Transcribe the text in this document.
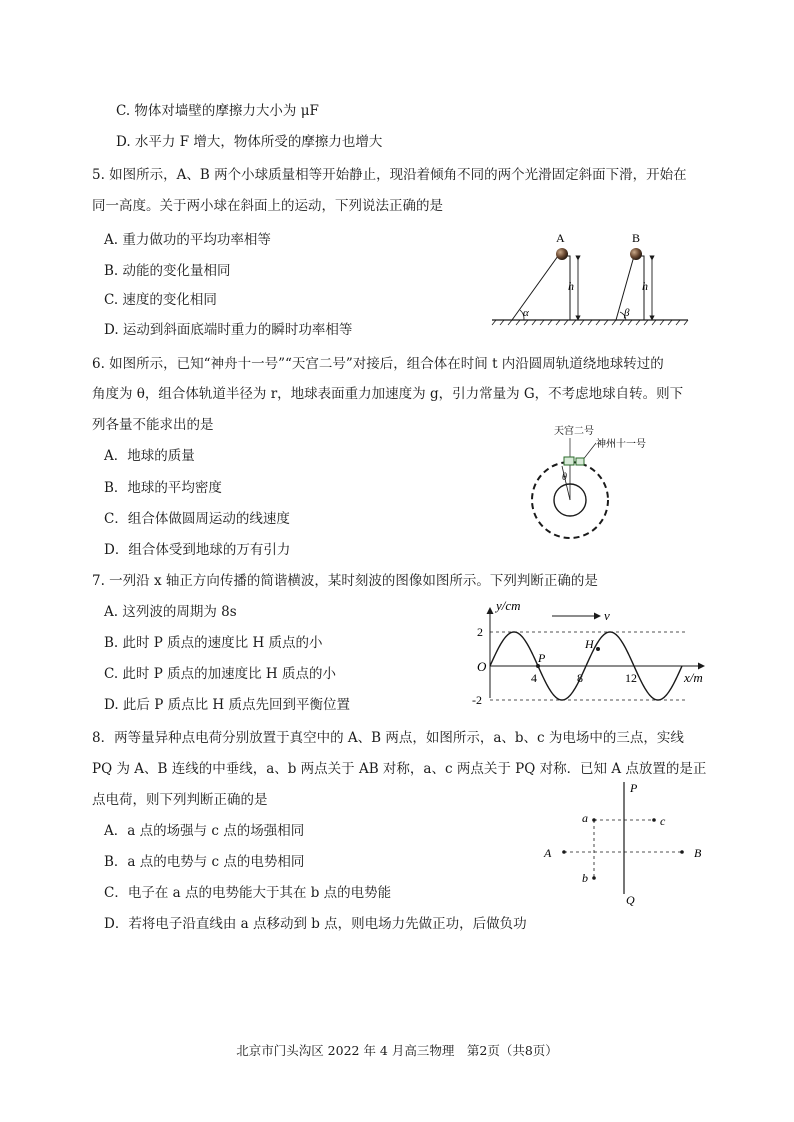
C. 物体对墙壁的摩擦力大小为 μF
D. 水平力 F 增大，物体所受的摩擦力也增大
5. 如图所示，A、B 两个小球质量相等开始静止，现沿着倾角不同的两个光滑固定斜面下滑，开始在
同一高度。关于两小球在斜面上的运动，下列说法正确的是
A. 重力做功的平均功率相等
B. 动能的变化量相同
C. 速度的变化相同
D. 运动到斜面底端时重力的瞬时功率相等
α
A
h
β
B
h
6. 如图所示，已知“神舟十一号”“天宫二号”对接后，组合体在时间 t 内沿圆周轨道绕地球转过的
角度为 θ，组合体轨道半径为 r，地球表面重力加速度为 g，引力常量为 G，不考虑地球自转。则下
列各量不能求出的是
A．地球的质量
B．地球的平均密度
C．组合体做圆周运动的线速度
D．组合体受到地球的万有引力
天宫二号
神州十一号
θ
7. 一列沿 x 轴正方向传播的简谐横波，某时刻波的图像如图所示。下列判断正确的是
A. 这列波的周期为 8s
B. 此时 P 质点的速度比 H 质点的小
C. 此时 P 质点的加速度比 H 质点的小
D. 此后 P 质点比 H 质点先回到平衡位置
y/cm
x/m
O
2
-2
4	8	12
v
P
H
8．两等量异种点电荷分别放置于真空中的 A、B 两点，如图所示，a、b、c 为电场中的三点，实线
PQ 为 A、B 连线的中垂线，a、b 两点关于 AB 对称，a、c 两点关于 PQ 对称．已知 A 点放置的是正
点电荷，则下列判断正确的是
A．a 点的场强与 c 点的场强相同
B．a 点的电势与 c 点的电势相同
C．电子在 a 点的电势能大于其在 b 点的电势能
D．若将电子沿直线由 a 点移动到 b 点，则电场力先做正功，后做负功
P
Q
A	B
a	c
b
北京市门头沟区 2022 年 4 月高三物理　第2页（共8页）
